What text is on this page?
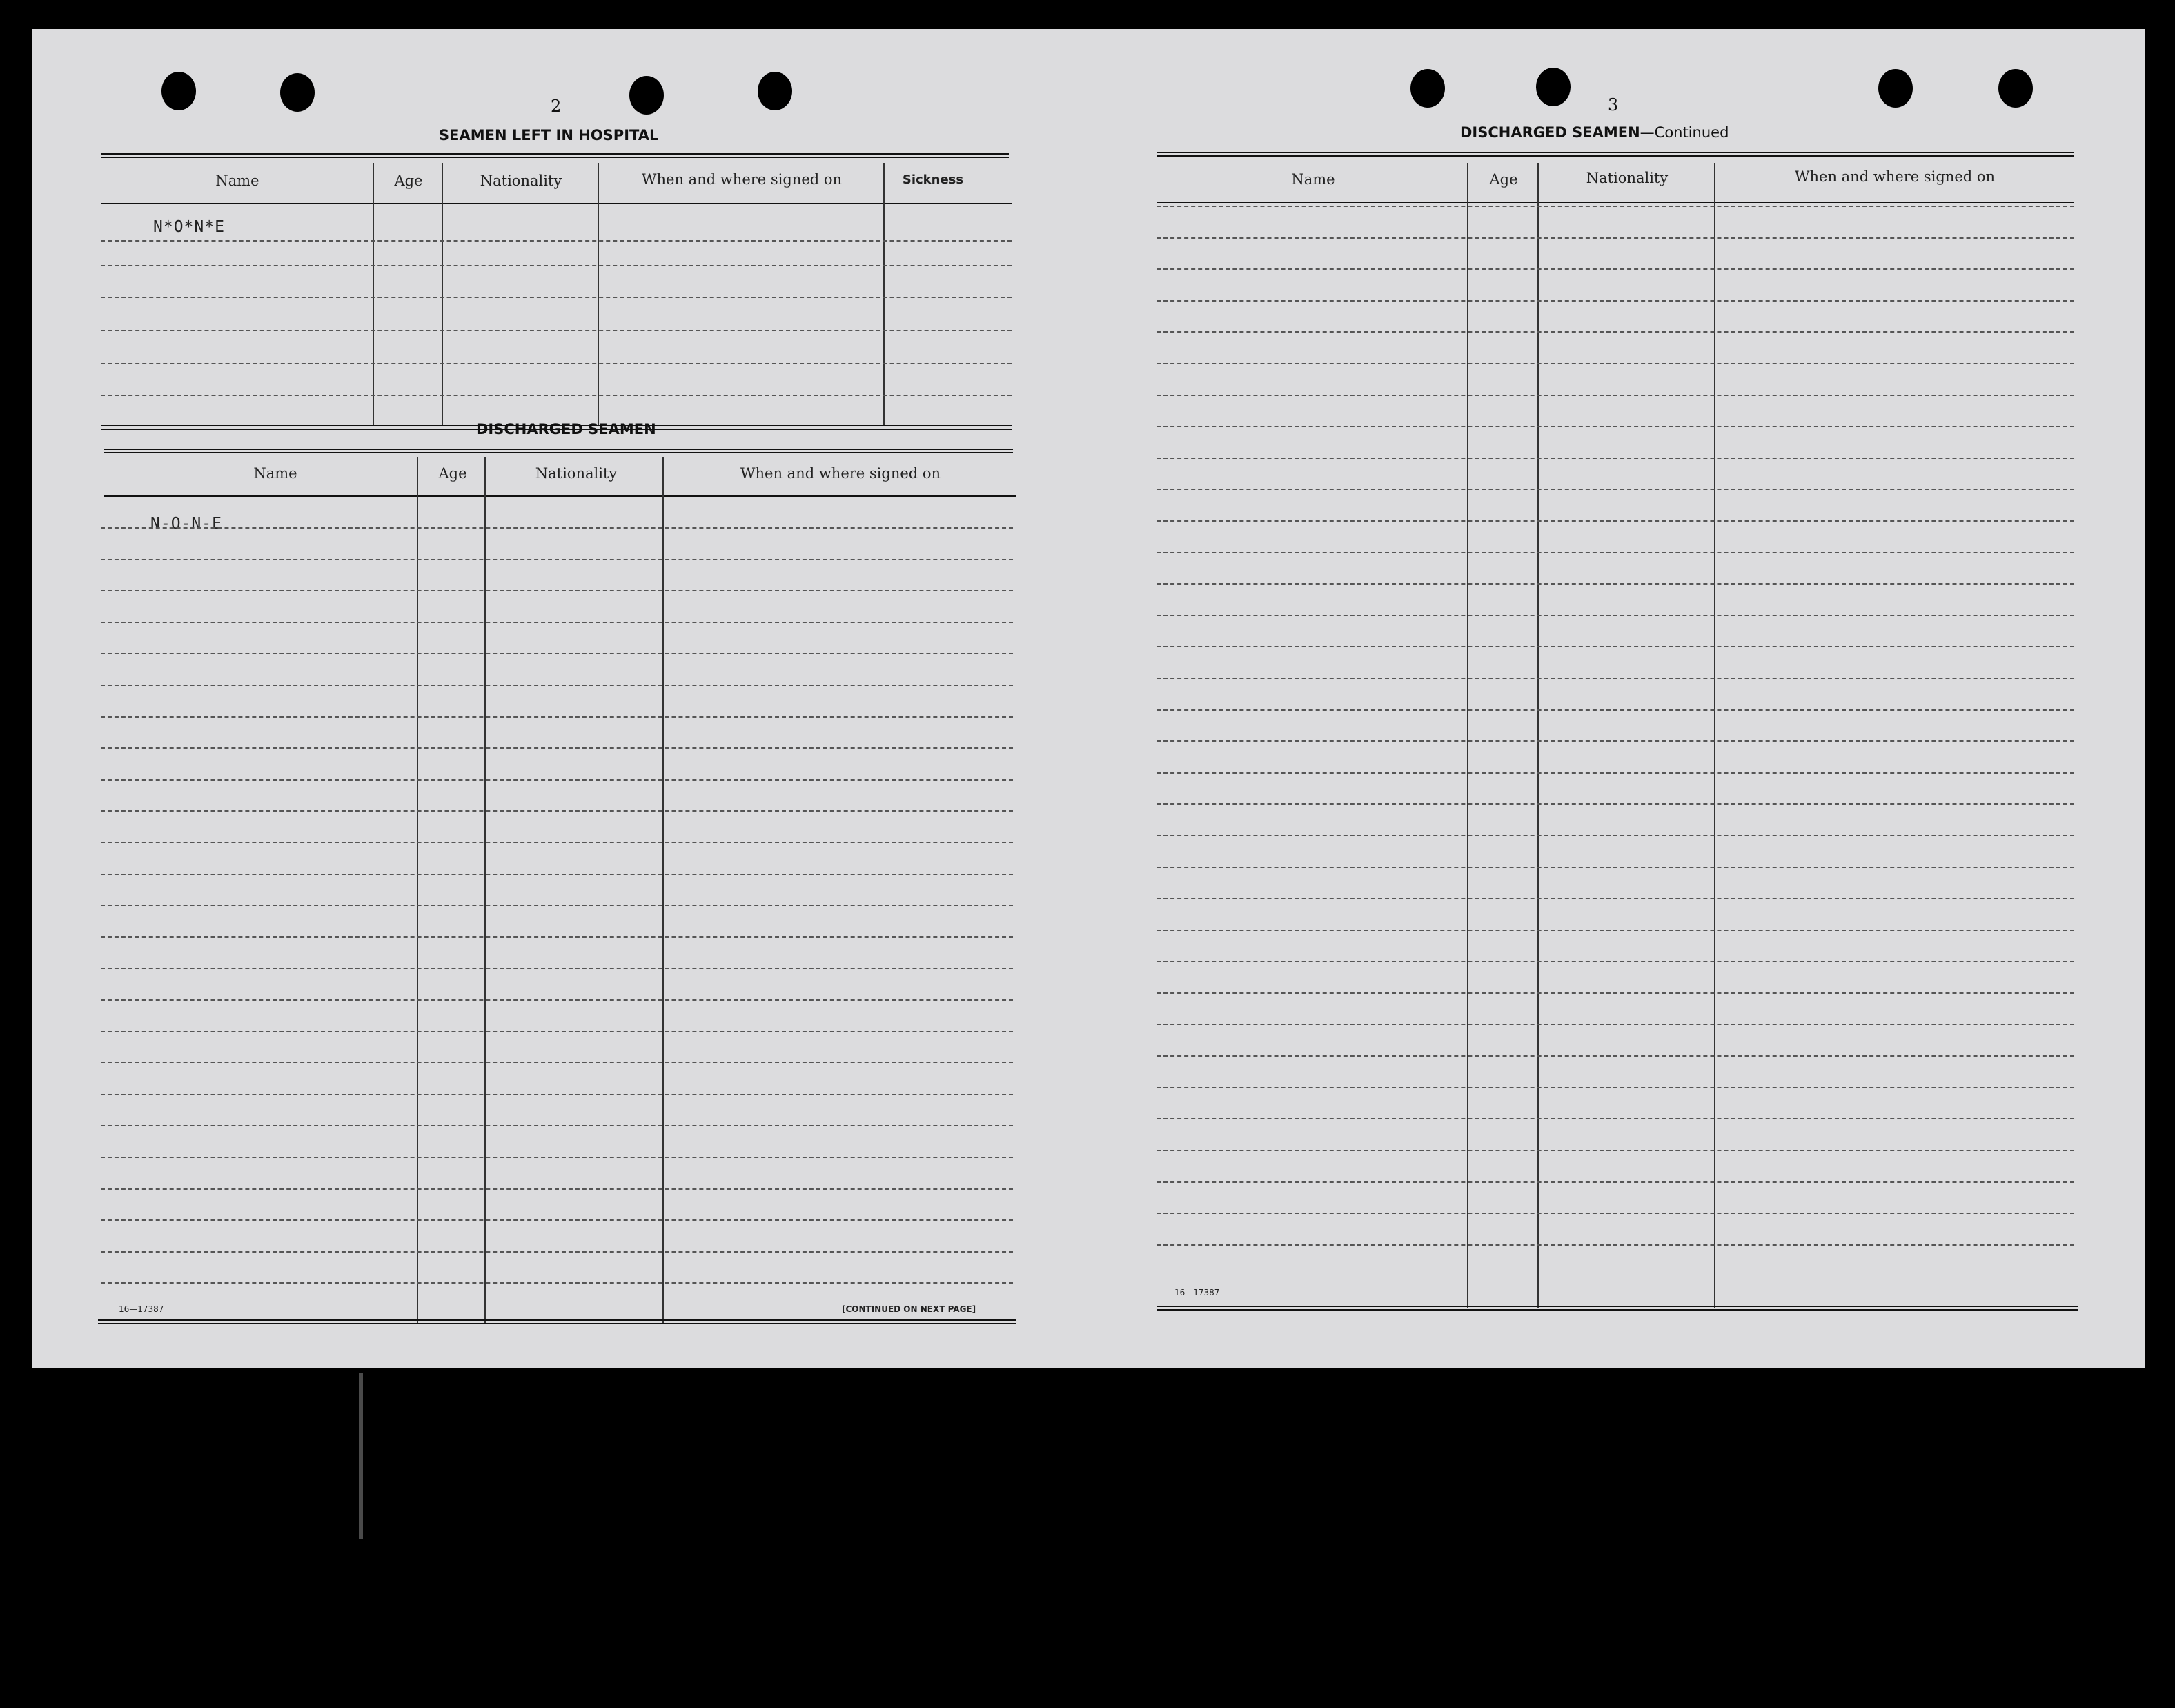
2
SEAMEN LEFT IN HOSPITAL
Name	Age	Nationality	When and where signed on	Sickness
N*O*N*E
DISCHARGED SEAMEN
Name	Age	Nationality	When and where signed on
N-O-N-E
16—17387	[CONTINUED ON NEXT PAGE]
3
DISCHARGED SEAMEN—Continued
Name	Age	Nationality	When and where signed on
16—17387
